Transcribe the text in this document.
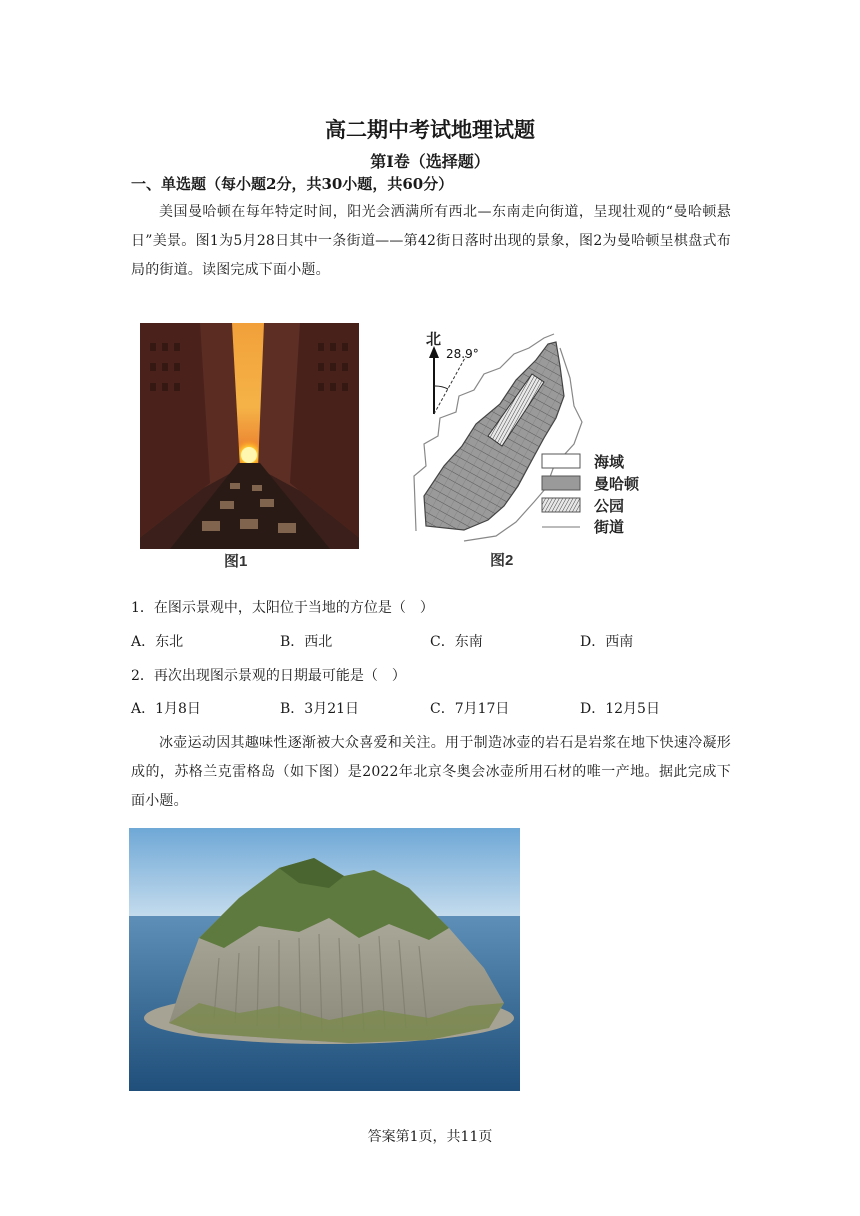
高二期中考试地理试题
第Ⅰ卷（选择题）
一、单选题（每小题2分，共30小题，共60分）
美国曼哈顿在每年特定时间，阳光会洒满所有西北—东南走向街道，呈现壮观的“曼哈顿悬日”美景。图1为5月28日其中一条街道——第42街日落时出现的景象，图2为曼哈顿呈棋盘式布局的街道。读图完成下面小题。
图1
北
28.9°
海域
曼哈顿
公园
街道
图2
1．在图示景观中，太阳位于当地的方位是（　）
A．东北	B．西北	C．东南	D．西南
2．再次出现图示景观的日期最可能是（　）
A．1月8日	B．3月21日	C．7月17日	D．12月5日
冰壶运动因其趣味性逐渐被大众喜爱和关注。用于制造冰壶的岩石是岩浆在地下快速冷凝形成的，苏格兰克雷格岛（如下图）是2022年北京冬奥会冰壶所用石材的唯一产地。据此完成下面小题。
答案第1页，共11页
